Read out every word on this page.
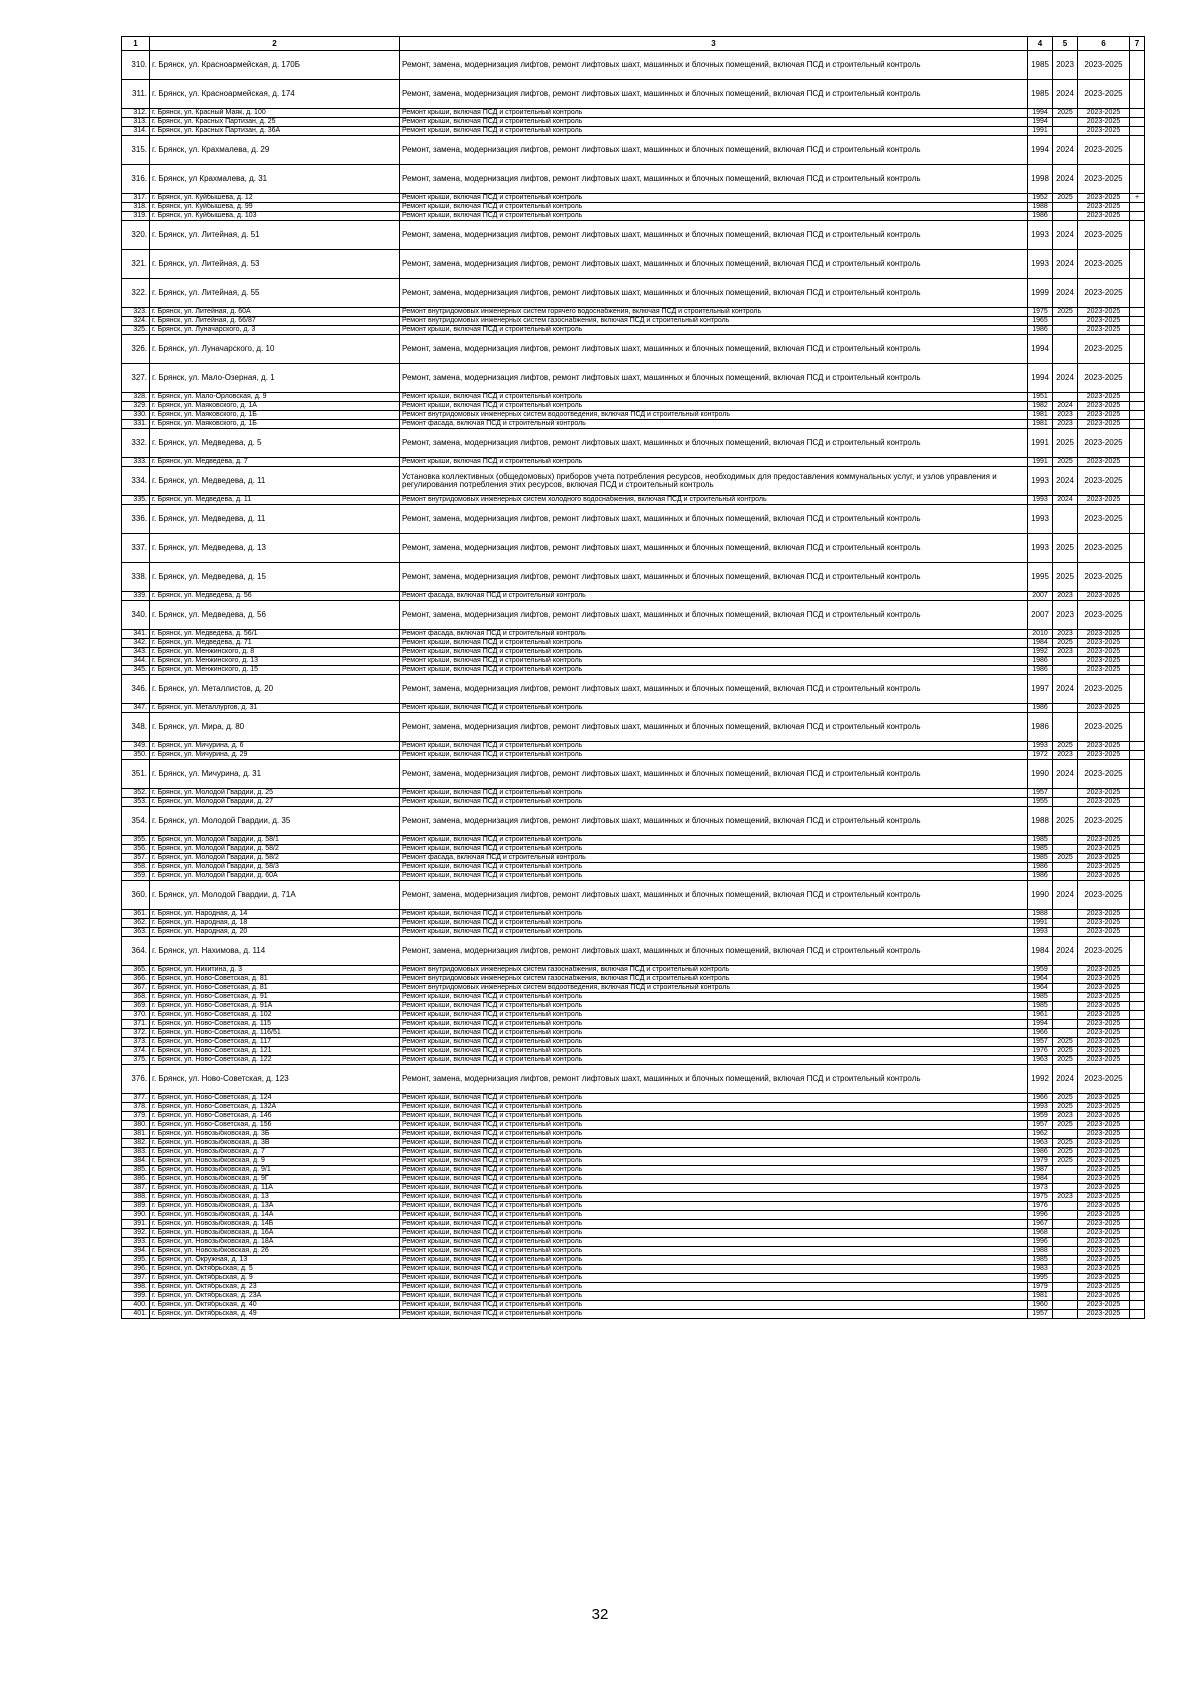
1	2	3	4	5	6	7
310.	г. Брянск, ул. Красноармейская, д. 170Б	Ремонт, замена, модернизация лифтов, ремонт лифтовых шахт, машинных и блочных помещений, включая ПСД и строительный контроль	1985	2023	2023-2025	
311.	г. Брянск, ул. Красноармейская, д. 174	Ремонт, замена, модернизация лифтов, ремонт лифтовых шахт, машинных и блочных помещений, включая ПСД и строительный контроль	1985	2024	2023-2025	
312.	г. Брянск, ул. Красный Маяк, д. 100	Ремонт крыши, включая ПСД и строительный контроль	1994	2025	2023-2025	
313.	г. Брянск, ул. Красных Партизан, д. 25	Ремонт крыши, включая ПСД и строительный контроль	1994		2023-2025	
314.	г. Брянск, ул. Красных Партизан, д. 36А	Ремонт крыши, включая ПСД и строительный контроль	1991		2023-2025	
315.	г. Брянск, ул. Крахмалева, д. 29	Ремонт, замена, модернизация лифтов, ремонт лифтовых шахт, машинных и блочных помещений, включая ПСД и строительный контроль	1994	2024	2023-2025	
316.	г. Брянск, ул Крахмалева, д. 31	Ремонт, замена, модернизация лифтов, ремонт лифтовых шахт, машинных и блочных помещений, включая ПСД и строительный контроль	1998	2024	2023-2025	
317.	г. Брянск, ул. Куйбышева, д. 12	Ремонт крыши, включая ПСД и строительный контроль	1952	2025	2023-2025	+
318.	г. Брянск, ул. Куйбышева, д. 99	Ремонт крыши, включая ПСД и строительный контроль	1988		2023-2025	
319.	г. Брянск, ул. Куйбышева, д. 103	Ремонт крыши, включая ПСД и строительный контроль	1986		2023-2025	
320.	г. Брянск, ул. Литейная, д. 51	Ремонт, замена, модернизация лифтов, ремонт лифтовых шахт, машинных и блочных помещений, включая ПСД и строительный контроль	1993	2024	2023-2025	
321.	г. Брянск, ул. Литейная, д. 53	Ремонт, замена, модернизация лифтов, ремонт лифтовых шахт, машинных и блочных помещений, включая ПСД и строительный контроль	1993	2024	2023-2025	
322.	г. Брянск, ул. Литейная, д. 55	Ремонт, замена, модернизация лифтов, ремонт лифтовых шахт, машинных и блочных помещений, включая ПСД и строительный контроль	1999	2024	2023-2025	
323.	г. Брянск, ул. Литейная, д. 60А	Ремонт внутридомовых инженерных систем горячего водоснабжения, включая ПСД и строительный контроль	1975	2025	2023-2025	
324.	г. Брянск, ул. Литейная, д. 66/87	Ремонт внутридомовых инженерных систем газоснабжения, включая ПСД и строительный контроль	1965		2023-2025	
325.	г. Брянск, ул. Луначарского, д. 3	Ремонт крыши, включая ПСД и строительный контроль	1986		2023-2025	
326.	г. Брянск, ул. Луначарского, д. 10	Ремонт, замена, модернизация лифтов, ремонт лифтовых шахт, машинных и блочных помещений, включая ПСД и строительный контроль	1994		2023-2025	
327.	г. Брянск, ул. Мало-Озерная, д. 1	Ремонт, замена, модернизация лифтов, ремонт лифтовых шахт, машинных и блочных помещений, включая ПСД и строительный контроль	1994	2024	2023-2025	
328.	г. Брянск, ул. Мало-Орловская, д. 9	Ремонт крыши, включая ПСД и строительный контроль	1951		2023-2025	
329.	г. Брянск, ул. Маяковского, д. 1А	Ремонт крыши, включая ПСД и строительный контроль	1982	2024	2023-2025	
330.	г. Брянск, ул. Маяковского, д. 1Б	Ремонт внутридомовых инженерных систем водоотведения, включая ПСД и строительный контроль	1981	2023	2023-2025	
331.	г. Брянск, ул. Маяковского, д. 1Б	Ремонт фасада, включая ПСД и строительный контроль	1981	2023	2023-2025	
332.	г. Брянск, ул. Медведева, д. 5	Ремонт, замена, модернизация лифтов, ремонт лифтовых шахт, машинных и блочных помещений, включая ПСД и строительный контроль	1991	2025	2023-2025	
333.	г. Брянск, ул. Медведева, д. 7	Ремонт крыши, включая ПСД и строительный контроль	1991	2025	2023-2025	
334.	г. Брянск, ул. Медведева, д. 11	Установка коллективных (общедомовых) приборов учета потребления ресурсов, необходимых для предоставления коммунальных услуг, и узлов управления и регулирования потребления этих ресурсов, включая ПСД и строительный контроль	1993	2024	2023-2025	
335.	г. Брянск, ул. Медведева, д. 11	Ремонт внутридомовых инженерных систем холодного водоснабжения, включая ПСД и строительный контроль	1993	2024	2023-2025	
336.	г. Брянск, ул. Медведева, д. 11	Ремонт, замена, модернизация лифтов, ремонт лифтовых шахт, машинных и блочных помещений, включая ПСД и строительный контроль	1993		2023-2025	
337.	г. Брянск, ул. Медведева, д. 13	Ремонт, замена, модернизация лифтов, ремонт лифтовых шахт, машинных и блочных помещений, включая ПСД и строительный контроль	1993	2025	2023-2025	
338.	г. Брянск, ул. Медведева, д. 15	Ремонт, замена, модернизация лифтов, ремонт лифтовых шахт, машинных и блочных помещений, включая ПСД и строительный контроль	1995	2025	2023-2025	
339.	г. Брянск, ул. Медведева, д. 56	Ремонт фасада, включая ПСД и строительный контроль	2007	2023	2023-2025	
340.	г. Брянск, ул. Медведева, д. 56	Ремонт, замена, модернизация лифтов, ремонт лифтовых шахт, машинных и блочных помещений, включая ПСД и строительный контроль	2007	2023	2023-2025	
341.	г. Брянск, ул. Медведева, д. 56/1	Ремонт фасада, включая ПСД и строительный контроль	2010	2023	2023-2025	
342.	г. Брянск, ул. Медведева, д. 71	Ремонт крыши, включая ПСД и строительный контроль	1984	2025	2023-2025	
343.	г. Брянск, ул. Менжинского, д. 8	Ремонт крыши, включая ПСД и строительный контроль	1992	2023	2023-2025	
344.	г. Брянск, ул. Менжинского, д. 13	Ремонт крыши, включая ПСД и строительный контроль	1986		2023-2025	
345.	г. Брянск, ул. Менжинского, д. 15	Ремонт крыши, включая ПСД и строительный контроль	1986		2023-2025	
346.	г. Брянск, ул. Металлистов, д. 20	Ремонт, замена, модернизация лифтов, ремонт лифтовых шахт, машинных и блочных помещений, включая ПСД и строительный контроль	1997	2024	2023-2025	
347.	г. Брянск, ул. Металлургов, д. 31	Ремонт крыши, включая ПСД и строительный контроль	1986		2023-2025	
348.	г. Брянск, ул. Мира, д. 80	Ремонт, замена, модернизация лифтов, ремонт лифтовых шахт, машинных и блочных помещений, включая ПСД и строительный контроль	1986		2023-2025	
349.	г. Брянск, ул. Мичурина, д. 6	Ремонт крыши, включая ПСД и строительный контроль	1993	2025	2023-2025	
350.	г. Брянск, ул. Мичурина, д. 29	Ремонт крыши, включая ПСД и строительный контроль	1972	2023	2023-2025	
351.	г. Брянск, ул. Мичурина, д. 31	Ремонт, замена, модернизация лифтов, ремонт лифтовых шахт, машинных и блочных помещений, включая ПСД и строительный контроль	1990	2024	2023-2025	
352.	г. Брянск, ул. Молодой Гвардии, д. 25	Ремонт крыши, включая ПСД и строительный контроль	1957		2023-2025	
353.	г. Брянск, ул. Молодой Гвардии, д. 27	Ремонт крыши, включая ПСД и строительный контроль	1955		2023-2025	
354.	г. Брянск, ул. Молодой Гвардии, д. 35	Ремонт, замена, модернизация лифтов, ремонт лифтовых шахт, машинных и блочных помещений, включая ПСД и строительный контроль	1988	2025	2023-2025	
355.	г. Брянск, ул. Молодой Гвардии, д. 58/1	Ремонт крыши, включая ПСД и строительный контроль	1985		2023-2025	
356.	г. Брянск, ул. Молодой Гвардии, д. 58/2	Ремонт крыши, включая ПСД и строительный контроль	1985		2023-2025	
357.	г. Брянск, ул. Молодой Гвардии, д. 58/2	Ремонт фасада, включая ПСД и строительный контроль	1985	2025	2023-2025	
358.	г. Брянск, ул. Молодой Гвардии, д. 58/3	Ремонт крыши, включая ПСД и строительный контроль	1986		2023-2025	
359.	г. Брянск, ул. Молодой Гвардии, д. 60А	Ремонт крыши, включая ПСД и строительный контроль	1986		2023-2025	
360.	г. Брянск, ул. Молодой Гвардии, д. 71А	Ремонт, замена, модернизация лифтов, ремонт лифтовых шахт, машинных и блочных помещений, включая ПСД и строительный контроль	1990	2024	2023-2025	
361.	г. Брянск, ул. Народная, д. 14	Ремонт крыши, включая ПСД и строительный контроль	1988		2023-2025	
362.	г. Брянск, ул. Народная, д. 18	Ремонт крыши, включая ПСД и строительный контроль	1991		2023-2025	
363.	г. Брянск, ул. Народная, д. 20	Ремонт крыши, включая ПСД и строительный контроль	1993		2023-2025	
364.	г. Брянск, ул. Нахимова, д. 114	Ремонт, замена, модернизация лифтов, ремонт лифтовых шахт, машинных и блочных помещений, включая ПСД и строительный контроль	1984	2024	2023-2025	
365.	г. Брянск, ул. Никитина, д. 3	Ремонт внутридомовых инженерных систем газоснабжения, включая ПСД и строительный контроль	1959		2023-2025	
366.	г. Брянск, ул. Ново-Советская, д. 81	Ремонт внутридомовых инженерных систем газоснабжения, включая ПСД и строительный контроль	1964		2023-2025	
367.	г. Брянск, ул. Ново-Советская, д. 81	Ремонт внутридомовых инженерных систем водоотведения, включая ПСД и строительный контроль	1964		2023-2025	
368.	г. Брянск, ул. Ново-Советская, д. 91	Ремонт крыши, включая ПСД и строительный контроль	1985		2023-2025	
369.	г. Брянск, ул. Ново-Советская, д. 91А	Ремонт крыши, включая ПСД и строительный контроль	1985		2023-2025	
370.	г. Брянск, ул. Ново-Советская, д. 102	Ремонт крыши, включая ПСД и строительный контроль	1961		2023-2025	
371.	г. Брянск, ул. Ново-Советская, д. 115	Ремонт крыши, включая ПСД и строительный контроль	1994		2023-2025	
372.	г. Брянск, ул. Ново-Советская, д. 116/51	Ремонт крыши, включая ПСД и строительный контроль	1966		2023-2025	
373.	г. Брянск, ул. Ново-Советская, д. 117	Ремонт крыши, включая ПСД и строительный контроль	1957	2025	2023-2025	
374.	г. Брянск, ул. Ново-Советская, д. 121	Ремонт крыши, включая ПСД и строительный контроль	1976	2025	2023-2025	
375.	г. Брянск, ул. Ново-Советская, д. 122	Ремонт крыши, включая ПСД и строительный контроль	1963	2025	2023-2025	
376.	г. Брянск, ул. Ново-Советская, д. 123	Ремонт, замена, модернизация лифтов, ремонт лифтовых шахт, машинных и блочных помещений, включая ПСД и строительный контроль	1992	2024	2023-2025	
377.	г. Брянск, ул. Ново-Советская, д. 124	Ремонт крыши, включая ПСД и строительный контроль	1966	2025	2023-2025	
378.	г. Брянск, ул. Ново-Советская, д. 132А	Ремонт крыши, включая ПСД и строительный контроль	1993	2025	2023-2025	
379.	г. Брянск, ул. Ново-Советская, д. 146	Ремонт крыши, включая ПСД и строительный контроль	1959	2023	2023-2025	
380.	г. Брянск, ул. Ново-Советская, д. 156	Ремонт крыши, включая ПСД и строительный контроль	1957	2025	2023-2025	
381.	г. Брянск, ул. Новозыбковская, д. 3Б	Ремонт крыши, включая ПСД и строительный контроль	1962		2023-2025	
382.	г. Брянск, ул. Новозыбковская, д. 3В	Ремонт крыши, включая ПСД и строительный контроль	1963	2025	2023-2025	
383.	г. Брянск, ул. Новозыбковская, д. 7	Ремонт крыши, включая ПСД и строительный контроль	1986	2025	2023-2025	
384.	г. Брянск, ул. Новозыбковская, д. 9	Ремонт крыши, включая ПСД и строительный контроль	1979	2025	2023-2025	
385.	г. Брянск, ул. Новозыбковская, д. 9/1	Ремонт крыши, включая ПСД и строительный контроль	1987		2023-2025	
386.	г. Брянск, ул. Новозыбковская, д. 9Г	Ремонт крыши, включая ПСД и строительный контроль	1984		2023-2025	
387.	г. Брянск, ул. Новозыбковская, д. 11А	Ремонт крыши, включая ПСД и строительный контроль	1973		2023-2025	
388.	г. Брянск, ул. Новозыбковская, д. 13	Ремонт крыши, включая ПСД и строительный контроль	1975	2023	2023-2025	
389.	г. Брянск, ул. Новозыбковская, д. 13А	Ремонт крыши, включая ПСД и строительный контроль	1976		2023-2025	
390.	г. Брянск, ул. Новозыбковская, д. 14А	Ремонт крыши, включая ПСД и строительный контроль	1996		2023-2025	
391.	г. Брянск, ул. Новозыбковская, д. 14Б	Ремонт крыши, включая ПСД и строительный контроль	1967		2023-2025	
392.	г. Брянск, ул. Новозыбковская, д. 16А	Ремонт крыши, включая ПСД и строительный контроль	1968		2023-2025	
393.	г. Брянск, ул. Новозыбковская, д. 18А	Ремонт крыши, включая ПСД и строительный контроль	1996		2023-2025	
394.	г. Брянск, ул. Новозыбковская, д. 26	Ремонт крыши, включая ПСД и строительный контроль	1988		2023-2025	
395.	г. Брянск, ул. Окружная, д. 13	Ремонт крыши, включая ПСД и строительный контроль	1985		2023-2025	
396.	г. Брянск, ул. Октябрьская, д. 5	Ремонт крыши, включая ПСД и строительный контроль	1983		2023-2025	
397.	г. Брянск, ул. Октябрьская, д. 9	Ремонт крыши, включая ПСД и строительный контроль	1995		2023-2025	
398.	г. Брянск, ул. Октябрьская, д. 23	Ремонт крыши, включая ПСД и строительный контроль	1979		2023-2025	
399.	г. Брянск, ул. Октябрьская, д. 23А	Ремонт крыши, включая ПСД и строительный контроль	1981		2023-2025	
400.	г. Брянск, ул. Октябрьская, д. 40	Ремонт крыши, включая ПСД и строительный контроль	1960		2023-2025	
401.	г. Брянск, ул. Октябрьская, д. 49	Ремонт крыши, включая ПСД и строительный контроль	1957		2023-2025	
32
